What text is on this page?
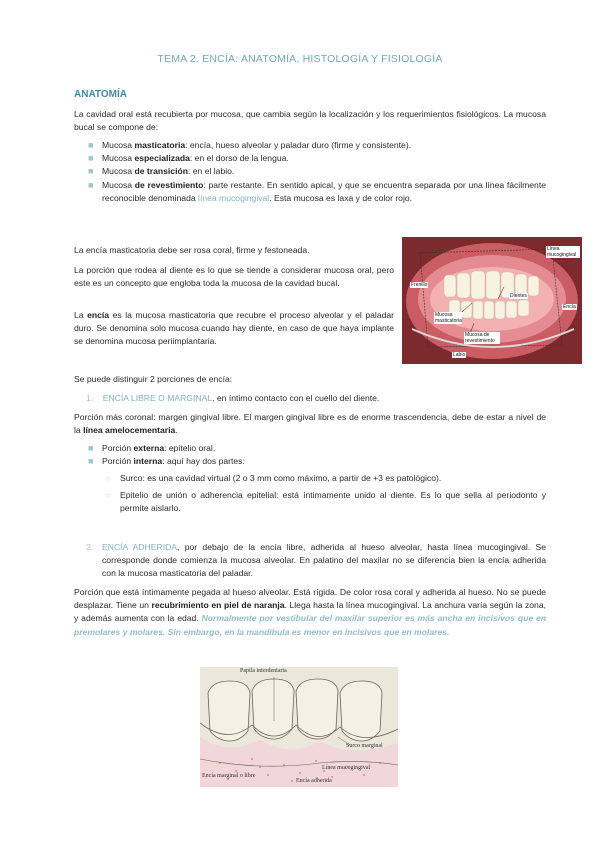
TEMA 2. ENCÍA: ANATOMÍA, HISTOLOGÍA Y FISIOLOGÍA
ANATOMÍA
La cavidad oral está recubierta por mucosa, que cambia según la localización y los requerimientos fisiológicos. La mucosa bucal se compone de:
■ Mucosa masticatoria: encía, hueso alveolar y paladar duro (firme y consistente).
■ Mucosa especializada: en el dorso de la lengua.
■ Mucosa de transición: en el labio.
■ Mucosa de revestimiento: parte restante. En sentido apical, y que se encuentra separada por una línea fácilmente reconocible denominada línea mucogingival. Esta mucosa es laxa y de color rojo.
La encía masticatoria debe ser rosa coral, firme y festoneada.
La porción que rodea al diente es lo que se tiende a considerar mucosa oral, pero este es un concepto que engloba toda la mucosa de la cavidad bucal.
La encía es la mucosa masticatoria que recubre el proceso alveolar y el paladar duro. Se denomina solo mucosa cuando hay diente, en caso de que haya implante se denomina mucosa periimplantaria.
Línea mucogingival
Frenillo
Dientes
Encía
Mucosa masticatoria
Mucosa de revestimiento
Labio
Se puede distinguir 2 porciones de encía:
1. ENCÍA LIBRE O MARGINAL, en íntimo contacto con el cuello del diente.
Porción más coronal: margen gingival libre. El margen gingival libre es de enorme trascendencia, debe de estar a nivel de la línea amelocementaria.
■ Porción externa: epitelio oral.
■ Porción interna: aquí hay dos partes:
○ Surco: es una cavidad virtual (2 o 3 mm como máximo, a partir de +3 es patológico).
○ Epitelio de unión o adherencia epitelial: está íntimamente unido al diente. Es lo que sella al periodonto y permite aislarlo.
2. ENCÍA ADHERIDA, por debajo de la encía libre, adherida al hueso alveolar, hasta línea mucogingival. Se corresponde donde comienza la mucosa alveolar. En palatino del maxilar no se diferencia bien la encía adherida con la mucosa masticatoria del paladar.
Porción que está íntimamente pegada al hueso alveolar. Está rígida. De color rosa coral y adherida al hueso. No se puede desplazar. Tiene un recubrimiento en piel de naranja. Llega hasta la línea mucogingival. La anchura varía según la zona, y además aumenta con la edad. Normalmente por vestibular del maxilar superior es más ancha en incisivos que en premolares y molares. Sin embargo, en la mandíbula es menor en incisivos que en molares.
Papila interdentaria
Surco marginal
Línea mucogingival
Encía marginal o libre
Encía adherida
